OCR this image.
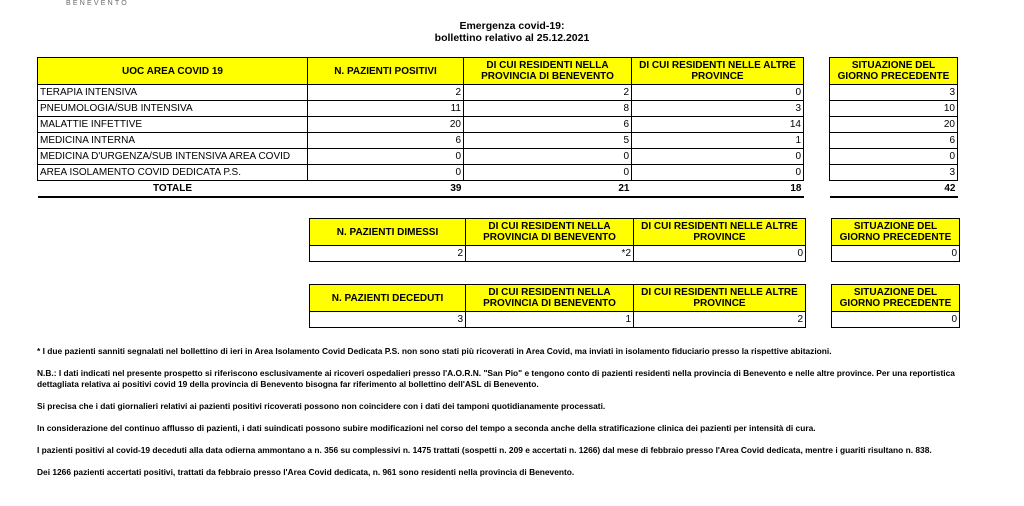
BENEVENTO
Emergenza covid-19:
bollettino relativo al 25.12.2021
UOC AREA COVID 19	N. PAZIENTI POSITIVI	DI CUI RESIDENTI NELLA PROVINCIA DI BENEVENTO	DI CUI RESIDENTI NELLE ALTRE PROVINCE		SITUAZIONE DEL GIORNO PRECEDENTE
TERAPIA INTENSIVA	2	2	0		3
PNEUMOLOGIA/SUB INTENSIVA	11	8	3		10
MALATTIE INFETTIVE	20	6	14		20
MEDICINA INTERNA	6	5	1		6
MEDICINA D'URGENZA/SUB INTENSIVA AREA COVID	0	0	0		0
AREA ISOLAMENTO COVID DEDICATA P.S.	0	0	0		3
TOTALE	39	21	18		42
N. PAZIENTI DIMESSI	DI CUI RESIDENTI NELLA PROVINCIA DI BENEVENTO	DI CUI RESIDENTI NELLE ALTRE PROVINCE		SITUAZIONE DEL GIORNO PRECEDENTE
2	*2	0		0
N. PAZIENTI DECEDUTI	DI CUI RESIDENTI NELLA PROVINCIA DI BENEVENTO	DI CUI RESIDENTI NELLE ALTRE PROVINCE		SITUAZIONE DEL GIORNO PRECEDENTE
3	1	2		0

* I due pazienti sanniti segnalati nel bollettino di ieri in Area Isolamento Covid Dedicata P.S. non sono stati più ricoverati in Area Covid, ma inviati in isolamento fiduciario presso la rispettive abitazioni.

N.B.: I dati indicati nel presente prospetto si riferiscono esclusivamente ai ricoveri ospedalieri presso l'A.O.R.N. "San Pio" e tengono conto di pazienti residenti nella provincia di Benevento e nelle altre province. Per una reportistica dettagliata relativa ai positivi covid 19 della provincia di Benevento bisogna far riferimento al bollettino dell'ASL di Benevento.

Si precisa che i dati giornalieri relativi ai pazienti positivi ricoverati possono non coincidere con i dati dei tamponi quotidianamente processati.

In considerazione del continuo afflusso di pazienti, i dati suindicati possono subire modificazioni nel corso del tempo a seconda anche della stratificazione clinica dei pazienti per intensità di cura.

I pazienti positivi al covid-19 deceduti alla data odierna ammontano a n. 356 su complessivi n. 1475 trattati (sospetti n. 209 e accertati n. 1266) dal mese di febbraio presso l'Area Covid dedicata, mentre i guariti risultano n. 838.

Dei 1266 pazienti accertati positivi, trattati da febbraio presso l'Area Covid dedicata, n. 961 sono residenti nella provincia di Benevento.
